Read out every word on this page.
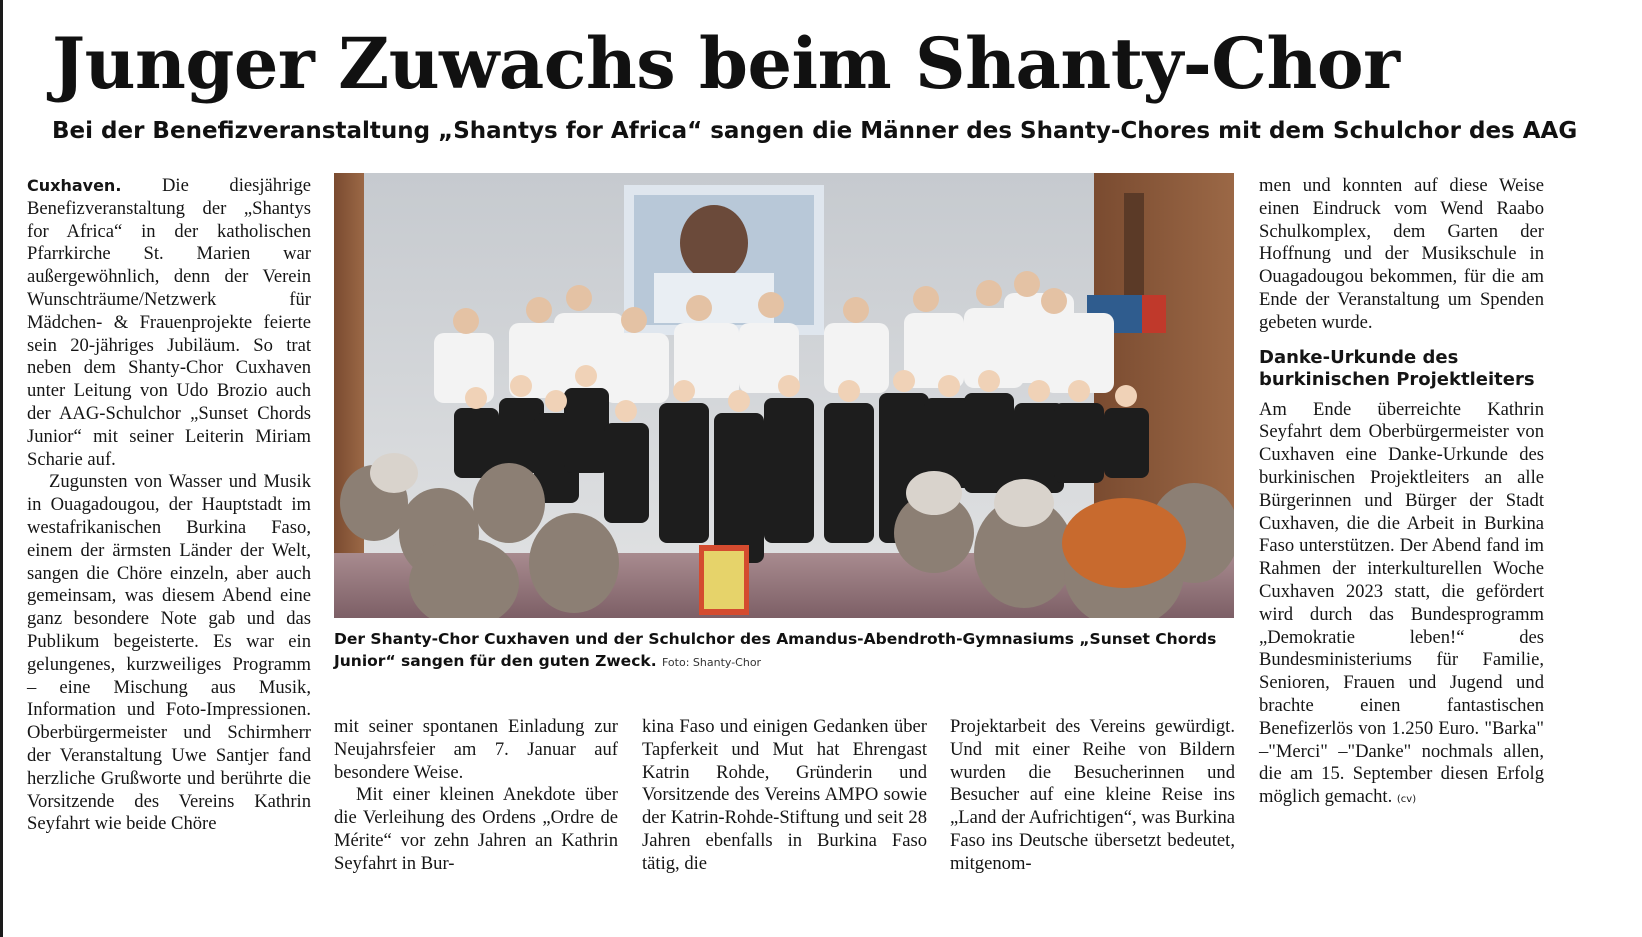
Junger Zuwachs beim Shanty-Chor
Bei der Benefizveranstaltung „Shantys for Africa“ sangen die Männer des Shanty-Chores mit dem Schulchor des AAG

Cuxhaven. Die diesjährige Benefizveranstaltung der „Shantys for Africa“ in der katholischen Pfarrkirche St. Marien war außergewöhnlich, denn der Verein Wunschträume/Netzwerk für Mädchen- & Frauenprojekte feierte sein 20-jähriges Jubiläum. So trat neben dem Shanty-Chor Cuxhaven unter Leitung von Udo Brozio auch der AAG-Schulchor „Sunset Chords Junior“ mit seiner Leiterin Miriam Scharie auf.

Zugunsten von Wasser und Musik in Ouagadougou, der Hauptstadt im westafrikanischen Burkina Faso, einem der ärmsten Länder der Welt, sangen die Chöre einzeln, aber auch gemeinsam, was diesem Abend eine ganz besondere Note gab und das Publikum begeisterte. Es war ein gelungenes, kurzweiliges Programm – eine Mischung aus Musik, Information und Foto-Impressionen. Oberbürgermeister und Schirmherr der Veranstaltung Uwe Santjer fand herzliche Grußworte und berührte die Vorsitzende des Vereins Kathrin Seyfahrt wie beide Chöre

Der Shanty-Chor Cuxhaven und der Schulchor des Amandus-Abendroth-Gymnasiums „Sunset Chords Junior“ sangen für den guten Zweck. Foto: Shanty-Chor

mit seiner spontanen Einladung zur Neujahrsfeier am 7. Januar auf besondere Weise.

Mit einer kleinen Anekdote über die Verleihung des Ordens „Ordre de Mérite“ vor zehn Jahren an Kathrin Seyfahrt in Bur-

kina Faso und einigen Gedanken über Tapferkeit und Mut hat Ehrengast Katrin Rohde, Gründerin und Vorsitzende des Vereins AMPO sowie der Katrin-Rohde-Stiftung und seit 28 Jahren ebenfalls in Burkina Faso tätig, die

Projektarbeit des Vereins gewürdigt. Und mit einer Reihe von Bildern wurden die Besucherinnen und Besucher auf eine kleine Reise ins „Land der Aufrichtigen“, was Burkina Faso ins Deutsche übersetzt bedeutet, mitgenom-

men und konnten auf diese Weise einen Eindruck vom Wend Raabo Schulkomplex, dem Garten der Hoffnung und der Musikschule in Ouagadougou bekommen, für die am Ende der Veranstaltung um Spenden gebeten wurde.

Danke-Urkunde des burkinischen Projektleiters

Am Ende überreichte Kathrin Seyfahrt dem Oberbürgermeister von Cuxhaven eine Danke-Urkunde des burkinischen Projektleiters an alle Bürgerinnen und Bürger der Stadt Cuxhaven, die die Arbeit in Burkina Faso unterstützen. Der Abend fand im Rahmen der interkulturellen Woche Cuxhaven 2023 statt, die gefördert wird durch das Bundesprogramm „Demokratie leben!“ des Bundesministeriums für Familie, Senioren, Frauen und Jugend und brachte einen fantastischen Benefizerlös von 1.250 Euro. "Barka" –"Merci" –"Danke" nochmals allen, die am 15. September diesen Erfolg möglich gemacht. (cv)
